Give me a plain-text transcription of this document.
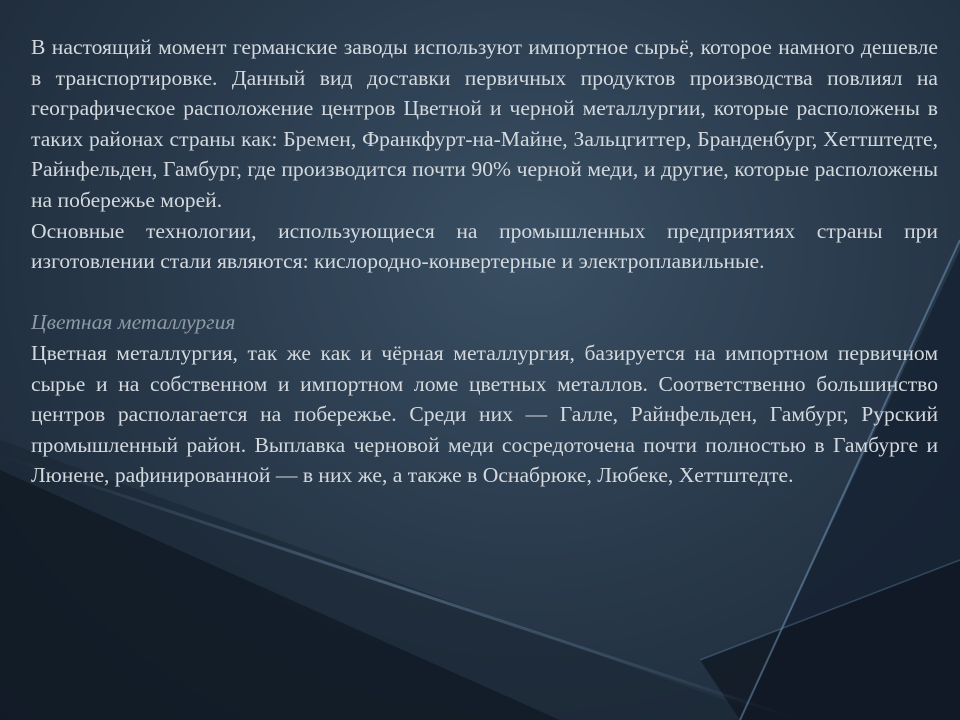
В настоящий момент германские заводы используют импортное сырьё, которое намного дешевле в транспортировке. Данный вид доставки первичных продуктов производства повлиял на географическое расположение центров Цветной и черной металлургии, которые расположены в таких районах страны как: Бремен, Франкфурт-на-Майне, Зальцгиттер, Бранденбург, Хеттштедте, Райнфельден, Гамбург, где производится почти 90% черной меди, и другие, которые расположены на побережье морей.

Основные технологии, использующиеся на промышленных предприятиях страны при изготовлении стали являются: кислородно-конвертерные и электроплавильные.

Цветная металлургия

Цветная металлургия, так же как и чёрная металлургия, базируется на импортном первичном сырье и на собственном и импортном ломе цветных металлов. Соответственно большинство центров располагается на побережье. Среди них — Галле, Райнфельден, Гамбург, Рурский промышленный район. Выплавка черновой меди сосредоточена почти полностью в Гамбурге и Люнене, рафинированной — в них же, а также в Оснабрюке, Любеке, Хеттштедте.
